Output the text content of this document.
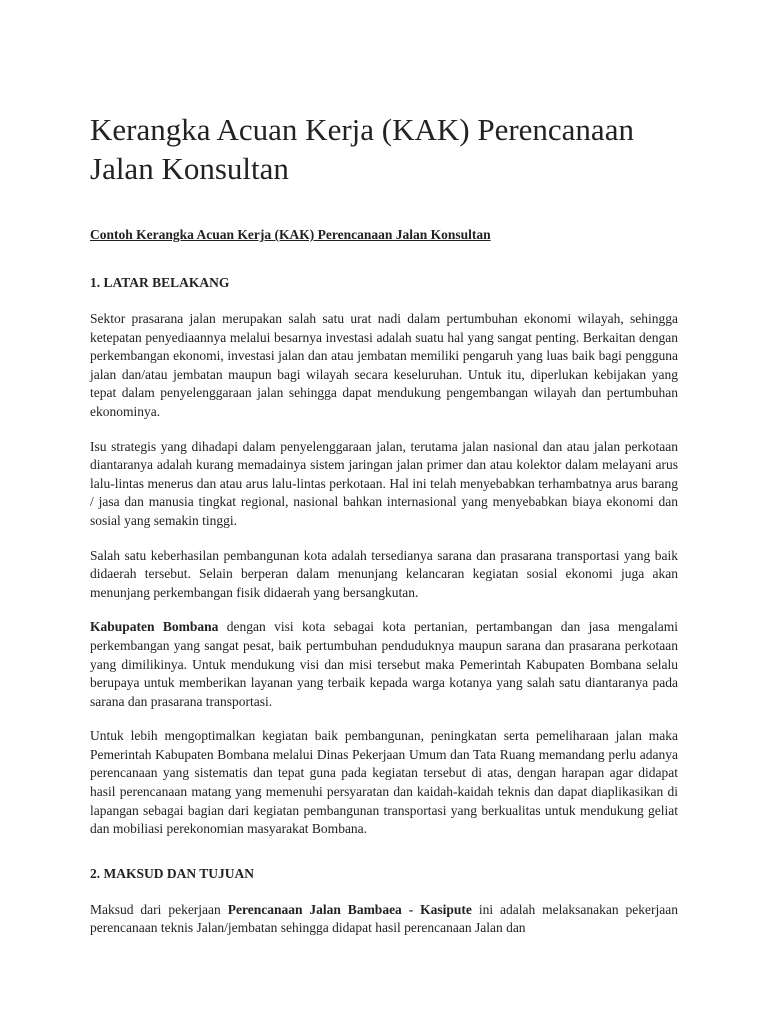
Kerangka Acuan Kerja (KAK) Perencanaan Jalan Konsultan
Contoh Kerangka Acuan Kerja (KAK) Perencanaan Jalan Konsultan
1. LATAR BELAKANG

Sektor prasarana jalan merupakan salah satu urat nadi dalam pertumbuhan ekonomi wilayah, sehingga ketepatan penyediaannya melalui besarnya investasi adalah suatu hal yang sangat penting. Berkaitan dengan perkembangan ekonomi, investasi jalan dan atau jembatan memiliki pengaruh yang luas baik bagi pengguna jalan dan/atau jembatan maupun bagi wilayah secara keseluruhan. Untuk itu, diperlukan kebijakan yang tepat dalam penyelenggaraan jalan sehingga dapat mendukung pengembangan wilayah dan pertumbuhan ekonominya.

Isu strategis yang dihadapi dalam penyelenggaraan jalan, terutama jalan nasional dan atau jalan perkotaan diantaranya adalah kurang memadainya sistem jaringan jalan primer dan atau kolektor dalam melayani arus lalu-lintas menerus dan atau arus lalu-lintas perkotaan. Hal ini telah menyebabkan terhambatnya arus barang / jasa dan manusia tingkat regional, nasional bahkan internasional yang menyebabkan biaya ekonomi dan sosial yang semakin tinggi.

Salah satu keberhasilan pembangunan kota adalah tersedianya sarana dan prasarana transportasi yang baik didaerah tersebut. Selain berperan dalam menunjang kelancaran kegiatan sosial ekonomi juga akan menunjang perkembangan fisik didaerah yang bersangkutan.

Kabupaten Bombana dengan visi kota sebagai kota pertanian, pertambangan dan jasa mengalami perkembangan yang sangat pesat, baik pertumbuhan penduduknya maupun sarana dan prasarana perkotaan yang dimilikinya. Untuk mendukung visi dan misi tersebut maka Pemerintah Kabupaten Bombana selalu berupaya untuk memberikan layanan yang terbaik kepada warga kotanya yang salah satu diantaranya pada sarana dan prasarana transportasi.

Untuk lebih mengoptimalkan kegiatan baik pembangunan, peningkatan serta pemeliharaan jalan maka Pemerintah Kabupaten Bombana melalui Dinas Pekerjaan Umum dan Tata Ruang memandang perlu adanya perencanaan yang sistematis dan tepat guna pada kegiatan tersebut di atas, dengan harapan agar didapat hasil perencanaan matang yang memenuhi persyaratan dan kaidah-kaidah teknis dan dapat diaplikasikan di lapangan sebagai bagian dari kegiatan pembangunan transportasi yang berkualitas untuk mendukung geliat dan mobiliasi perekonomian masyarakat Bombana.

2. MAKSUD DAN TUJUAN

Maksud dari pekerjaan Perencanaan Jalan Bambaea - Kasipute ini adalah melaksanakan pekerjaan perencanaan teknis Jalan/jembatan sehingga didapat hasil perencanaan Jalan dan
